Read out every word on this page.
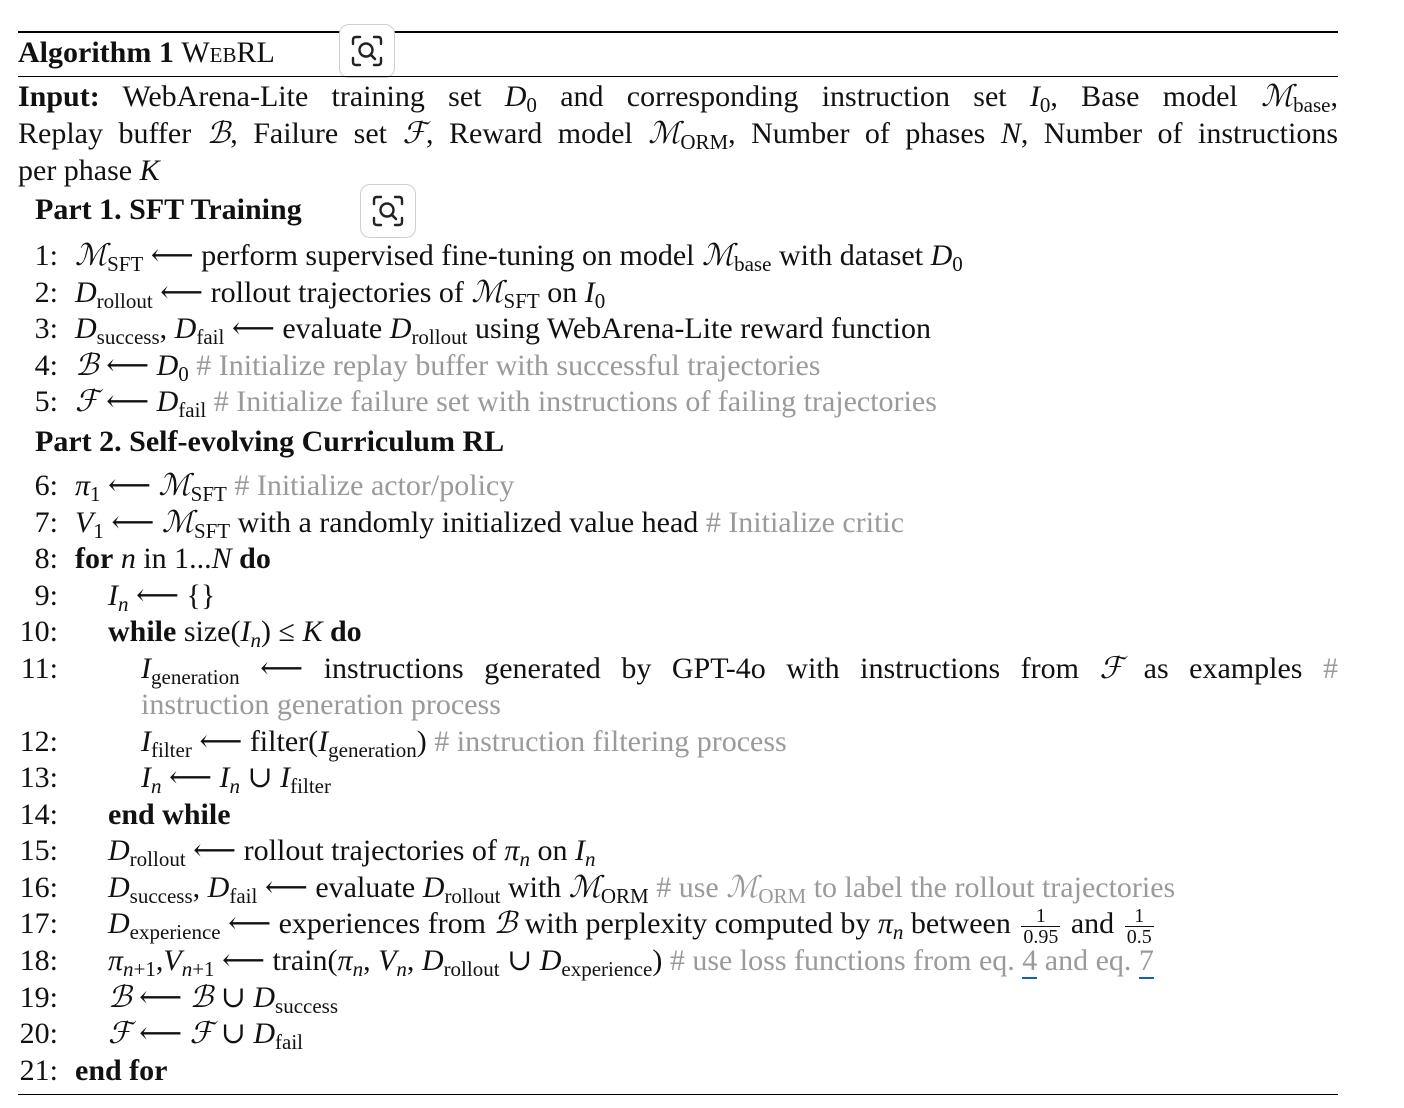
Algorithm 1 WebRL
Input: WebArena-Lite training set $D_0$ and corresponding instruction set $I_0$, Base model ℳ$_{base}$,
Replay buffer ℬ, Failure set ℱ, Reward model ℳ$_{ORM}$, Number of phases N, Number of instructions
per phase K
Part 1. SFT Training
1: ℳ$_{SFT}$ ⟵ perform supervised fine-tuning on model ℳ$_{base}$ with dataset $D_0$
2: $D_{rollout}$ ⟵ rollout trajectories of ℳ$_{SFT}$ on $I_0$
3: $D_{success}$, $D_{fail}$ ⟵ evaluate $D_{rollout}$ using WebArena-Lite reward function
4: ℬ ⟵ $D_0$ # Initialize replay buffer with successful trajectories
5: ℱ ⟵ $D_{fail}$ # Initialize failure set with instructions of failing trajectories
Part 2. Self-evolving Curriculum RL
6: $\pi_1$ ⟵ ℳ$_{SFT}$ # Initialize actor/policy
7: $V_1$ ⟵ ℳ$_{SFT}$ with a randomly initialized value head # Initialize critic
8: for n in 1...N do
9: $I_n$ ⟵ {}
10: while $size(I_n) \le K$ do
11:	$I_{generation}$ ⟵ instructions generated by GPT-4o with instructions from ℱ as examples #
instruction generation process
12:	$I_{filter}$ ⟵ $filter(I_{generation})$ # instruction filtering process
13:	$I_n$ ⟵ $I_n$ ∪ $I_{filter}$
14: end while
15: $D_{rollout}$ ⟵ rollout trajectories of $\pi_n$ on $I_n$
16: $D_{success}$, $D_{fail}$ ⟵ evaluate $D_{rollout}$ with ℳ$_{ORM}$ # use ℳ$_{ORM}$ to label the rollout trajectories
17: $D_{experience}$ ⟵ experiences from ℬ with perplexity computed by $\pi_n$ between $\frac{1}{0.95}$ and $\frac{1}{0.5}$
18: $\pi_{n+1},V_{n+1}$ ⟵ $train(\pi_n$, $V_n$, $D_{rollout}$ ∪ $D_{experience}$) # use loss functions from eq. 4 and eq. 7
19: ℬ ⟵ ℬ ∪ $D_{success}$
20: ℱ ⟵ ℱ ∪ $D_{fail}$
21: end for
